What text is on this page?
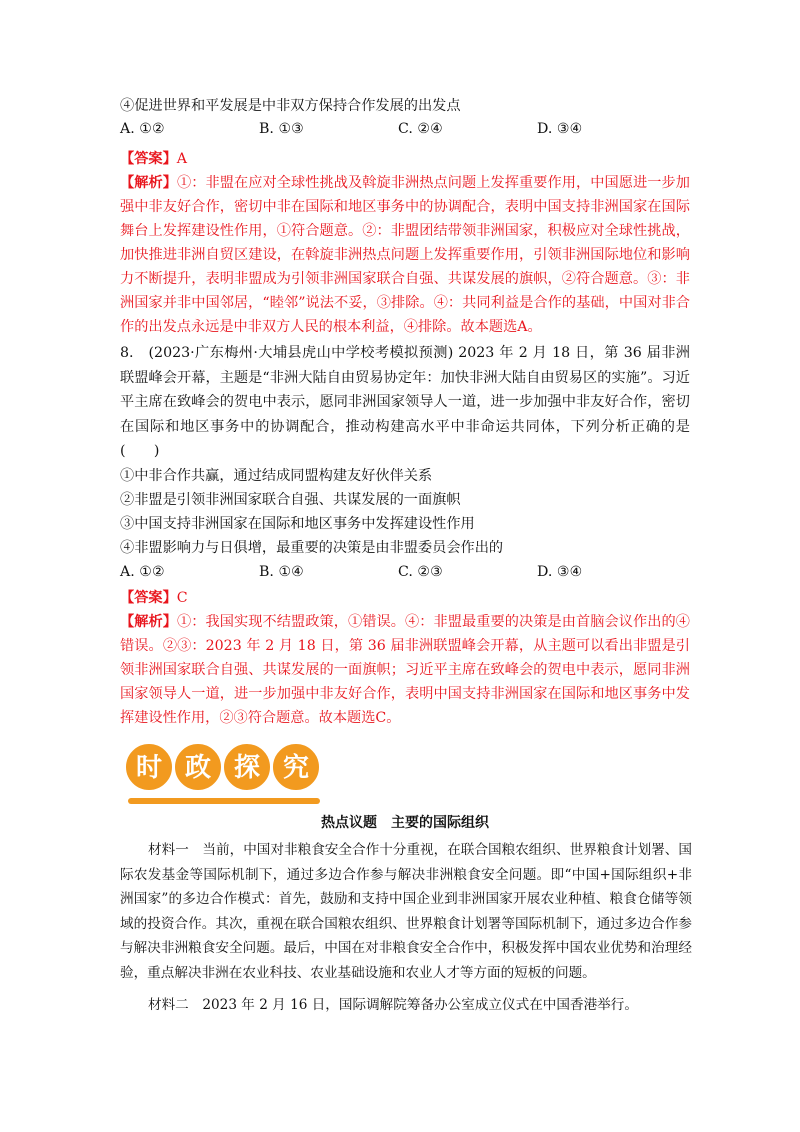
④促进世界和平发展是中非双方保持合作发展的出发点

A. ①②	B. ①③	C. ②④	D. ③④

【答案】A

【解析】①：非盟在应对全球性挑战及斡旋非洲热点问题上发挥重要作用，中国愿进一步加强中非友好合作，密切中非在国际和地区事务中的协调配合，表明中国支持非洲国家在国际舞台上发挥建设性作用，①符合题意。②：非盟团结带领非洲国家，积极应对全球性挑战，加快推进非洲自贸区建设，在斡旋非洲热点问题上发挥重要作用，引领非洲国际地位和影响力不断提升，表明非盟成为引领非洲国家联合自强、共谋发展的旗帜，②符合题意。③：非洲国家并非中国邻居，“睦邻”说法不妥，③排除。④：共同利益是合作的基础，中国对非合作的出发点永远是中非双方人民的根本利益，④排除。故本题选A。

8.　(2023·广东梅州·大埔县虎山中学校考模拟预测) 2023 年 2 月 18 日，第 36 届非洲联盟峰会开幕，主题是“非洲大陆自由贸易协定年：加快非洲大陆自由贸易区的实施”。习近平主席在致峰会的贺电中表示，愿同非洲国家领导人一道，进一步加强中非友好合作，密切在国际和地区事务中的协调配合，推动构建高水平中非命运共同体，下列分析正确的是(　　)

①中非合作共赢，通过结成同盟构建友好伙伴关系

②非盟是引领非洲国家联合自强、共谋发展的一面旗帜

③中国支持非洲国家在国际和地区事务中发挥建设性作用

④非盟影响力与日俱增，最重要的决策是由非盟委员会作出的

A. ①②	B. ①④	C. ②③	D. ③④

【答案】C

【解析】①：我国实现不结盟政策，①错误。④：非盟最重要的决策是由首脑会议作出的④错误。②③：2023 年 2 月 18 日，第 36 届非洲联盟峰会开幕，从主题可以看出非盟是引领非洲国家联合自强、共谋发展的一面旗帜；习近平主席在致峰会的贺电中表示，愿同非洲国家领导人一道，进一步加强中非友好合作，表明中国支持非洲国家在国际和地区事务中发挥建设性作用，②③符合题意。故本题选C。

时 政 探 究
热点议题　主要的国际组织

材料一　当前，中国对非粮食安全合作十分重视，在联合国粮农组织、世界粮食计划署、国际农发基金等国际机制下，通过多边合作参与解决非洲粮食安全问题。即“中国+国际组织+非洲国家”的多边合作模式：首先，鼓励和支持中国企业到非洲国家开展农业种植、粮食仓储等领域的投资合作。其次，重视在联合国粮农组织、世界粮食计划署等国际机制下，通过多边合作参与解决非洲粮食安全问题。最后，中国在对非粮食安全合作中，积极发挥中国农业优势和治理经验，重点解决非洲在农业科技、农业基础设施和农业人才等方面的短板的问题。

材料二　2023 年 2 月 16 日，国际调解院筹备办公室成立仪式在中国香港举行。
